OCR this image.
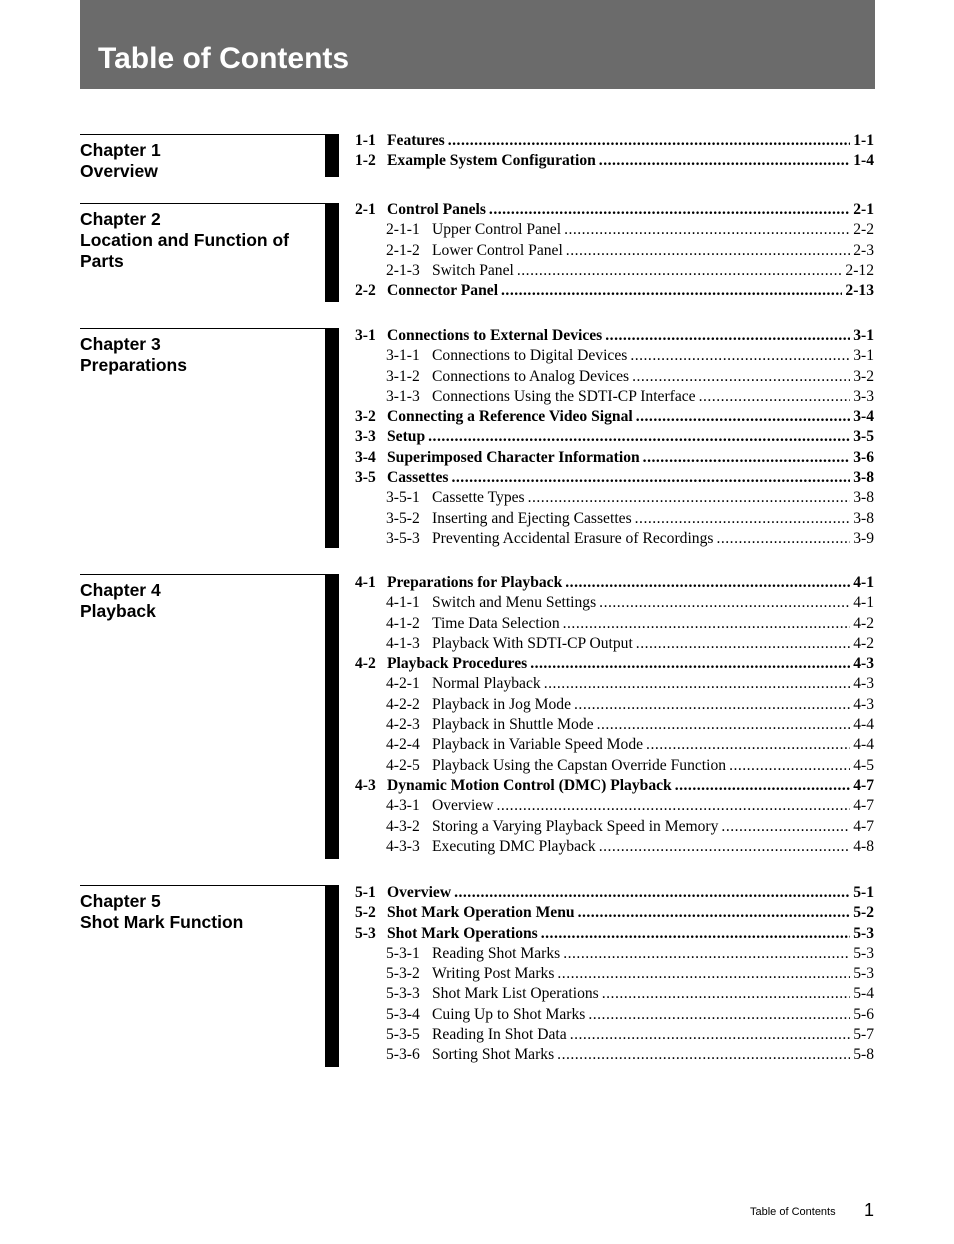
Table of Contents
Chapter 1
Overview
1-1 Features .....	1-1
1-2 Example System Configuration .....	1-4
Chapter 2
Location and Function of Parts
2-1 Control Panels .....	2-1
2-1-1 Upper Control Panel .....	2-2
2-1-2 Lower Control Panel .....	2-3
2-1-3 Switch Panel .....	2-12
2-2 Connector Panel .....	2-13
Chapter 3
Preparations
3-1 Connections to External Devices .....	3-1
3-1-1 Connections to Digital Devices .....	3-1
3-1-2 Connections to Analog Devices .....	3-2
3-1-3 Connections Using the SDTI-CP Interface .....	3-3
3-2 Connecting a Reference Video Signal .....	3-4
3-3 Setup .....	3-5
3-4 Superimposed Character Information .....	3-6
3-5 Cassettes .....	3-8
3-5-1 Cassette Types .....	3-8
3-5-2 Inserting and Ejecting Cassettes .....	3-8
3-5-3 Preventing Accidental Erasure of Recordings .....	3-9
Chapter 4
Playback
4-1 Preparations for Playback .....	4-1
4-1-1 Switch and Menu Settings .....	4-1
4-1-2 Time Data Selection .....	4-2
4-1-3 Playback With SDTI-CP Output .....	4-2
4-2 Playback Procedures .....	4-3
4-2-1 Normal Playback .....	4-3
4-2-2 Playback in Jog Mode .....	4-3
4-2-3 Playback in Shuttle Mode .....	4-4
4-2-4 Playback in Variable Speed Mode .....	4-4
4-2-5 Playback Using the Capstan Override Function .....	4-5
4-3 Dynamic Motion Control (DMC) Playback .....	4-7
4-3-1 Overview .....	4-7
4-3-2 Storing a Varying Playback Speed in Memory .....	4-7
4-3-3 Executing DMC Playback .....	4-8
Chapter 5
Shot Mark Function
5-1 Overview .....	5-1
5-2 Shot Mark Operation Menu .....	5-2
5-3 Shot Mark Operations .....	5-3
5-3-1 Reading Shot Marks .....	5-3
5-3-2 Writing Post Marks .....	5-3
5-3-3 Shot Mark List Operations .....	5-4
5-3-4 Cuing Up to Shot Marks .....	5-6
5-3-5 Reading In Shot Data .....	5-7
5-3-6 Sorting Shot Marks .....	5-8
Table of Contents 1
